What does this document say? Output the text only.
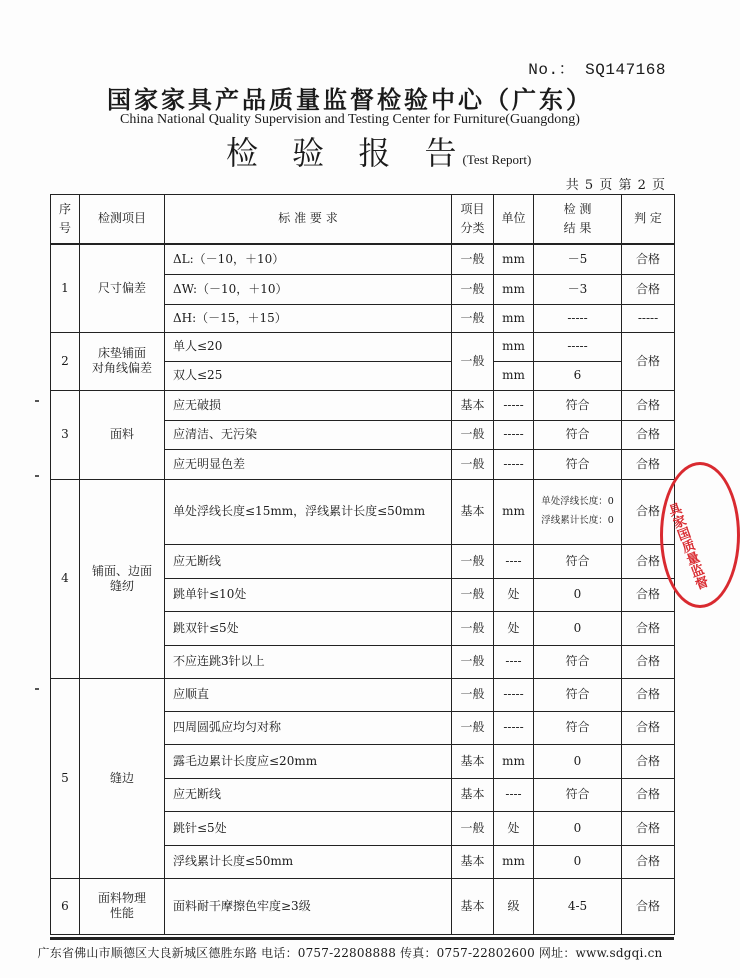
No.： SQ147168
国家家具产品质量监督检验中心（广东）
China National Quality Supervision and Testing Center for Furniture(Guangdong)
检 验 报 告(Test Report)
共 5 页 第 2 页
序
号	检测项目	标 准 要 求	项目
分类	单位	检 测
结 果	判 定
1	尺寸偏差	ΔL:（－10，＋10）	一般	mm	－5	合格
		ΔW:（－10，＋10）	一般	mm	－3	合格
		ΔH:（－15，＋15）	一般	mm	-----	-----
2	床垫铺面
对角线偏差	单人≤20	一般	mm	-----	合格
		双人≤25		mm	6	
3	面料	应无破损	基本	-----	符合	合格
		应清洁、无污染	一般	-----	符合	合格
		应无明显色差	一般	-----	符合	合格
4	铺面、边面
缝纫	单处浮线长度≤15mm，浮线累计长度≤50mm	基本	mm	单处浮线长度：0
浮线累计长度：0	合格
		应无断线	一般	----	符合	合格
		跳单针≤10处	一般	处	0	合格
		跳双针≤5处	一般	处	0	合格
		不应连跳3针以上	一般	----	符合	合格
5	缝边	应顺直	一般	-----	符合	合格
		四周圆弧应均匀对称	一般	-----	符合	合格
		露毛边累计长度应≤20mm	基本	mm	0	合格
		应无断线	基本	----	符合	合格
		跳针≤5处	一般	处	0	合格
		浮线累计长度≤50mm	基本	mm	0	合格
6	面料物理
性能	面料耐干摩擦色牢度≥3级	基本	级	4-5	合格
具家国质量监督
广东省佛山市顺德区大良新城区德胜东路 电话：0757-22808888 传真：0757-22802600 网址：www.sdgqi.cn
